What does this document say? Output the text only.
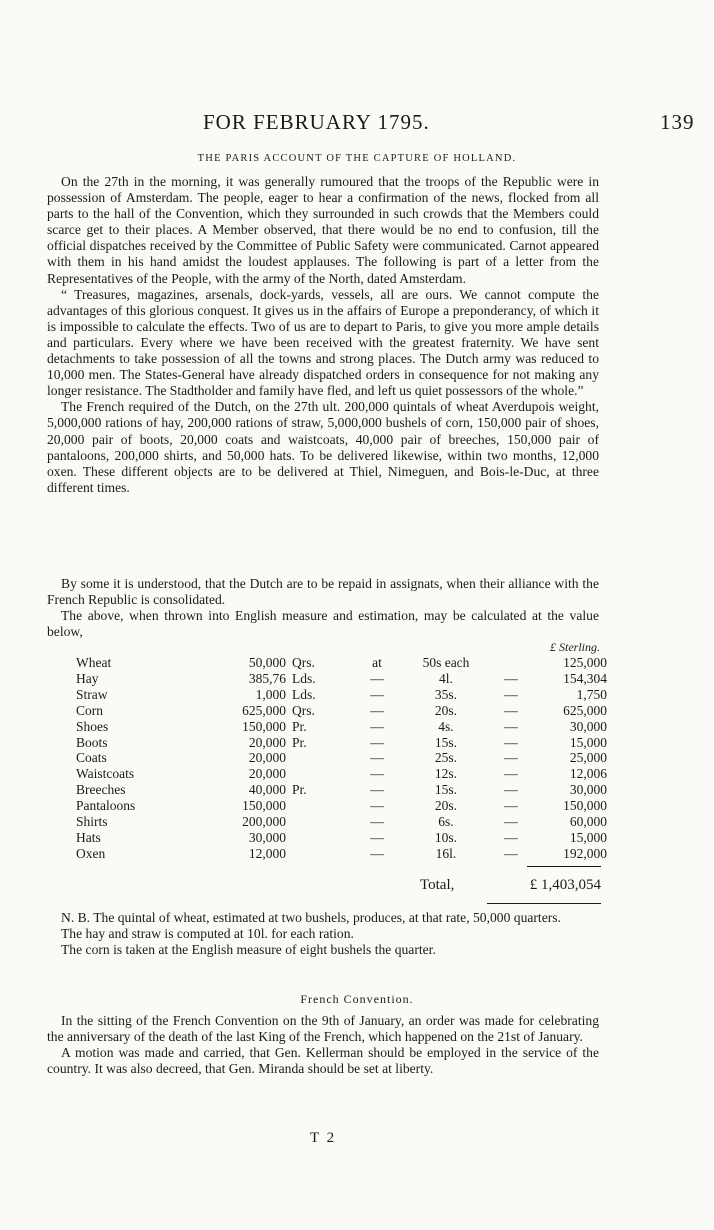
FOR FEBRUARY 1795.	139
THE PARIS ACCOUNT OF THE CAPTURE OF HOLLAND.

On the 27th in the morning, it was generally rumoured that the troops of the Republic were in possession of Amsterdam. The people, eager to hear a confirmation of the news, flocked from all parts to the hall of the Convention, which they surrounded in such crowds that the Members could scarce get to their places. A Member observed, that there would be no end to confusion, till the official dispatches received by the Committee of Public Safety were communicated. Carnot appeared with them in his hand amidst the loudest applauses. The following is part of a letter from the Representatives of the People, with the army of the North, dated Amsterdam.

“ Treasures, magazines, arsenals, dock-yards, vessels, all are ours. We cannot compute the advantages of this glorious conquest. It gives us in the affairs of Europe a preponderancy, of which it is impossible to calculate the effects. Two of us are to depart to Paris, to give you more ample details and particulars. Every where we have been received with the greatest fraternity. We have sent detachments to take possession of all the towns and strong places. The Dutch army was reduced to 10,000 men. The States-General have already dispatched orders in consequence for not making any longer resistance. The Stadtholder and family have fled, and left us quiet possessors of the whole.”

The French required of the Dutch, on the 27th ult. 200,000 quintals of wheat Averdupois weight, 5,000,000 rations of hay, 200,000 rations of straw, 5,000,000 bushels of corn, 150,000 pair of shoes, 20,000 pair of boots, 20,000 coats and waistcoats, 40,000 pair of breeches, 150,000 pair of pantaloons, 200,000 shirts, and 50,000 hats. To be delivered likewise, within two months, 12,000 oxen. These different objects are to be delivered at Thiel, Nimeguen, and Bois-le-Duc, at three different times.

By some it is understood, that the Dutch are to be repaid in assignats, when their alliance with the French Republic is consolidated.

The above, when thrown into English measure and estimation, may be calculated at the value below,

£ Sterling.
Wheat	50,000	Qrs.	at	50s each		125,000
Hay	385,76	Lds.	—	4l.	—	154,304
Straw	1,000	Lds.	—	35s.	—	1,750
Corn	625,000	Qrs.	—	20s.	—	625,000
Shoes	150,000	Pr.	—	4s.	—	30,000
Boots	20,000	Pr.	—	15s.	—	15,000
Coats	20,000		—	25s.	—	25,000
Waistcoats	20,000		—	12s.	—	12,006
Breeches	40,000	Pr.	—	15s.	—	30,000
Pantaloons	150,000		—	20s.	—	150,000
Shirts	200,000		—	6s.	—	60,000
Hats	30,000		—	10s.	—	15,000
Oxen	12,000		—	16l.	—	192,000
Total,	£ 1,403,054

N. B. The quintal of wheat, estimated at two bushels, produces, at that rate, 50,000 quarters.

The hay and straw is computed at 10l. for each ration.

The corn is taken at the English measure of eight bushels the quarter.

French Convention.

In the sitting of the French Convention on the 9th of January, an order was made for celebrating the anniversary of the death of the last King of the French, which happened on the 21st of January.

A motion was made and carried, that Gen. Kellerman should be employed in the service of the country. It was also decreed, that Gen. Miranda should be set at liberty.

T 2
